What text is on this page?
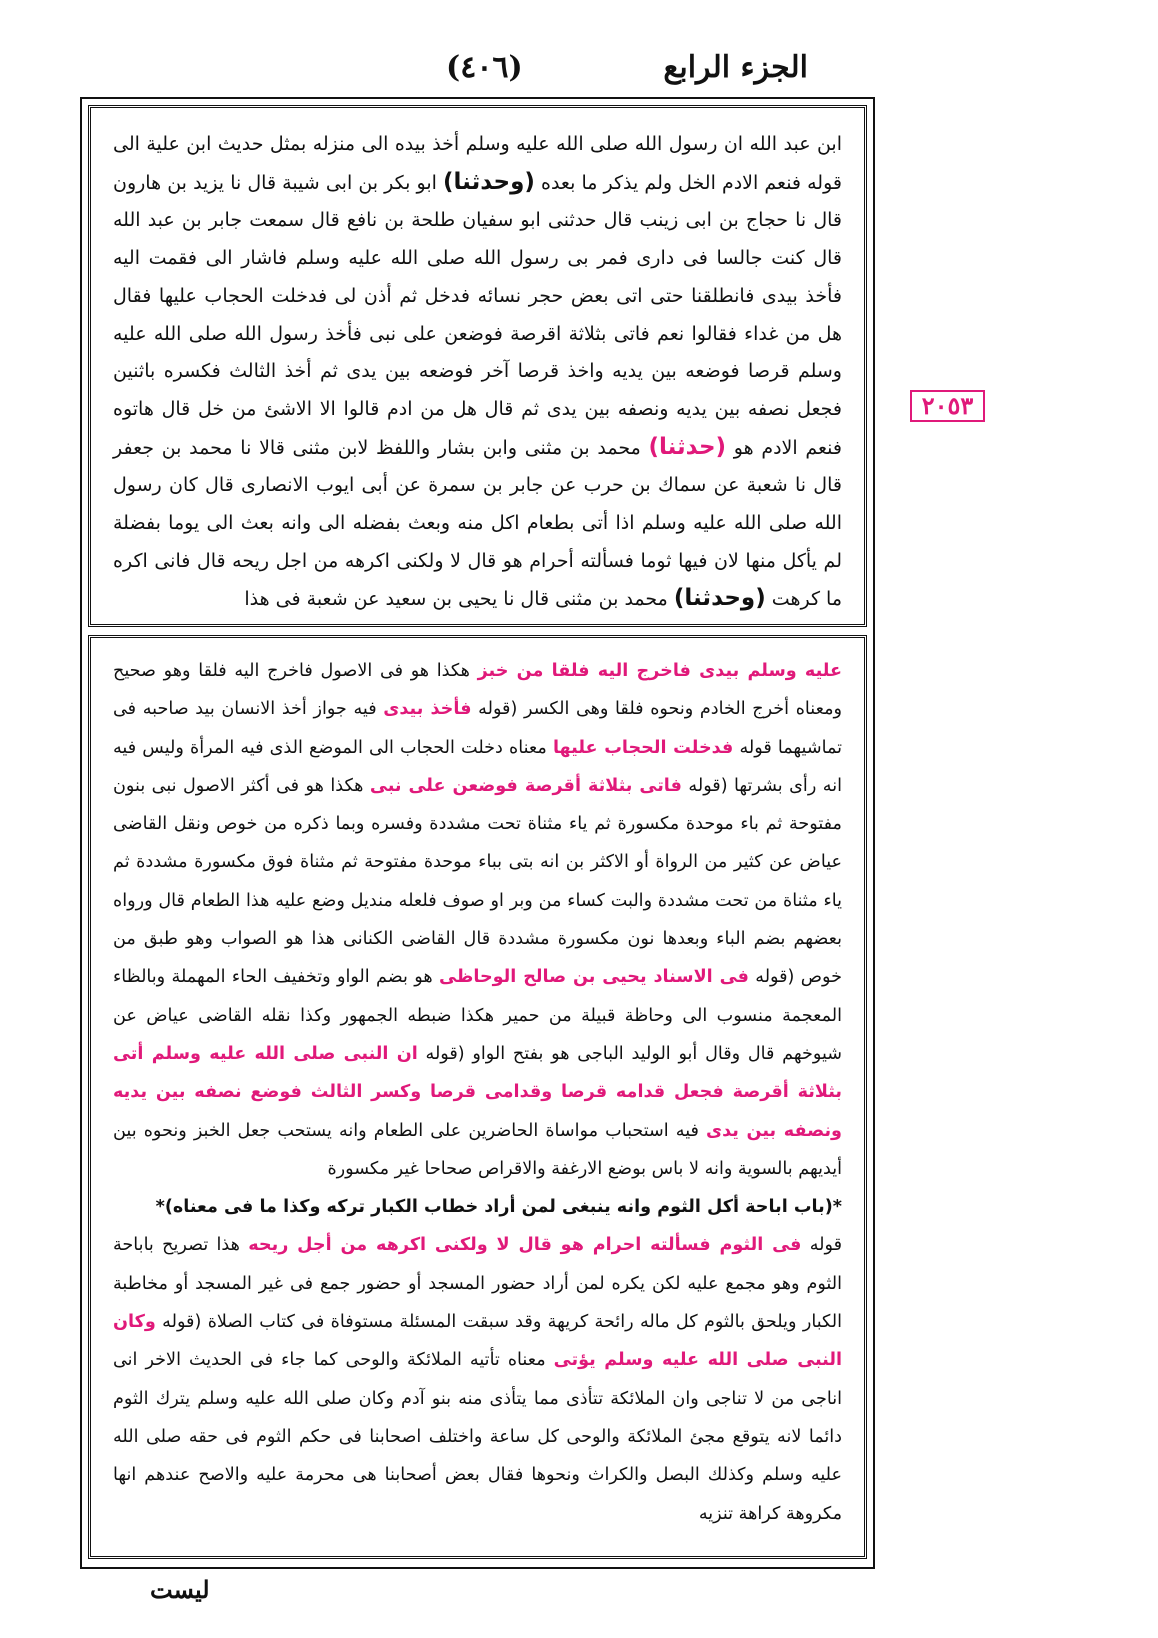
الجزء الرابع
(٤٠٦)
ابن عبد الله ان رسول الله صلى الله عليه وسلم أخذ بيده الى منزله بمثل حديث ابن علية الى قوله فنعم الادم الخل ولم يذكر ما بعده (وحدثنا) ابو بكر بن ابى شيبة قال نا يزيد بن هارون قال نا حجاج بن ابى زينب قال حدثنى ابو سفيان طلحة بن نافع قال سمعت جابر بن عبد الله قال كنت جالسا فى دارى فمر بى رسول الله صلى الله عليه وسلم فاشار الى فقمت اليه فأخذ بيدى فانطلقنا حتى اتى بعض حجر نسائه فدخل ثم أذن لى فدخلت الحجاب عليها فقال هل من غداء فقالوا نعم فاتى بثلاثة اقرصة فوضعن على نبى فأخذ رسول الله صلى الله عليه وسلم قرصا فوضعه بين يديه واخذ قرصا آخر فوضعه بين يدى ثم أخذ الثالث فكسره باثنين فجعل نصفه بين يديه ونصفه بين يدى ثم قال هل من ادم قالوا الا الاشئ من خل قال هاتوه فنعم الادم هو (حدثنا) محمد بن مثنى وابن بشار واللفظ لابن مثنى قالا نا محمد بن جعفر قال نا شعبة عن سماك بن حرب عن جابر بن سمرة عن أبى ايوب الانصارى قال كان رسول الله صلى الله عليه وسلم اذا أتى بطعام اكل منه وبعث بفضله الى وانه بعث الى يوما بفضلة لم يأكل منها لان فيها ثوما فسألته أحرام هو قال لا ولكنى اكرهه من اجل ريحه قال فانى اكره ما كرهت (وحدثنا) محمد بن مثنى قال نا يحيى بن سعيد عن شعبة فى هذا
عليه وسلم بيدى فاخرج اليه فلقا من خبز هكذا هو فى الاصول فاخرج اليه فلقا وهو صحيح ومعناه أخرج الخادم ونحوه فلقا وهى الكسر (قوله فأخذ بيدى فيه جواز أخذ الانسان بيد صاحبه فى تماشيهما قوله فدخلت الحجاب عليها معناه دخلت الحجاب الى الموضع الذى فيه المرأة وليس فيه انه رأى بشرتها (قوله فاتى بثلاثة أقرصة فوضعن على نبى هكذا هو فى أكثر الاصول نبى بنون مفتوحة ثم باء موحدة مكسورة ثم ياء مثناة تحت مشددة وفسره وبما ذكره من خوص ونقل القاضى عياض عن كثير من الرواة أو الاكثر بن انه بتى بباء موحدة مفتوحة ثم مثناة فوق مكسورة مشددة ثم ياء مثناة من تحت مشددة والبت كساء من وبر او صوف فلعله منديل وضع عليه هذا الطعام قال ورواه بعضهم بضم الباء وبعدها نون مكسورة مشددة قال القاضى الكنانى هذا هو الصواب وهو طبق من خوص (قوله فى الاسناد يحيى بن صالح الوحاظى هو بضم الواو وتخفيف الحاء المهملة وبالظاء المعجمة منسوب الى وحاظة قبيلة من حمير هكذا ضبطه الجمهور وكذا نقله القاضى عياض عن شيوخهم قال وقال أبو الوليد الباجى هو بفتح الواو (قوله ان النبى صلى الله عليه وسلم أتى بثلاثة أقرصة فجعل قدامه قرصا وقدامى قرصا وكسر الثالث فوضع نصفه بين يديه ونصفه بين يدى فيه استحباب مواساة الحاضرين على الطعام وانه يستحب جعل الخبز ونحوه بين أيديهم بالسوية وانه لا باس بوضع الارغفة والاقراص صحاحا غير مكسورة
*(باب اباحة أكل الثوم وانه ينبغى لمن أراد خطاب الكبار تركه وكذا ما فى معناه)*
قوله فى الثوم فسألته احرام هو قال لا ولكنى اكرهه من أجل ريحه هذا تصريح باباحة الثوم وهو مجمع عليه لكن يكره لمن أراد حضور المسجد أو حضور جمع فى غير المسجد أو مخاطبة الكبار ويلحق بالثوم كل ماله رائحة كريهة وقد سبقت المسئلة مستوفاة فى كتاب الصلاة (قوله وكان النبى صلى الله عليه وسلم يؤتى معناه تأتيه الملائكة والوحى كما جاء فى الحديث الاخر انى اناجى من لا تناجى وان الملائكة تتأذى مما يتأذى منه بنو آدم وكان صلى الله عليه وسلم يترك الثوم دائما لانه يتوقع مجئ الملائكة والوحى كل ساعة واختلف اصحابنا فى حكم الثوم فى حقه صلى الله عليه وسلم وكذلك البصل والكراث ونحوها فقال بعض أصحابنا هى محرمة عليه والاصح عندهم انها مكروهة كراهة تنزيه
٢٠٥٣
ليست
